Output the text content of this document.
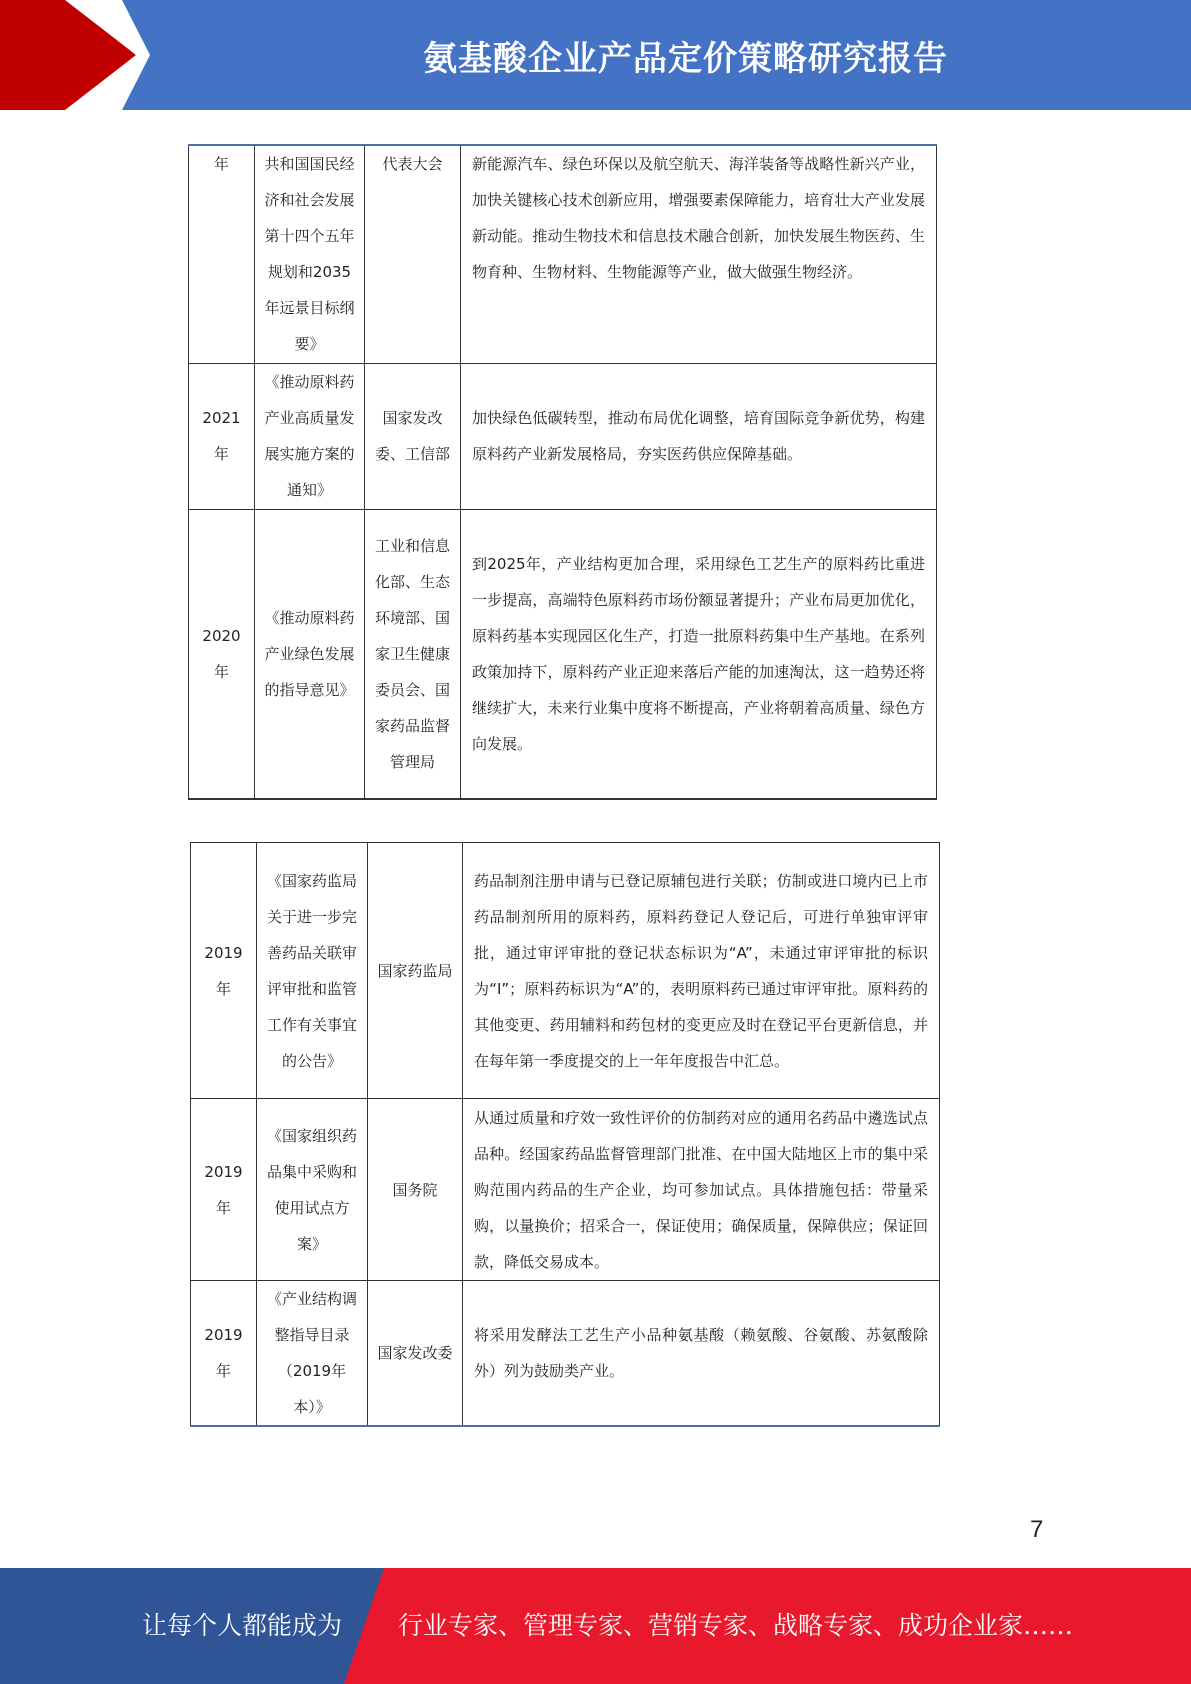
氨基酸企业产品定价策略研究报告
年	共和国国民经济和社会发展第十四个五年规划和2035年远景目标纲要》	代表大会	新能源汽车、绿色环保以及航空航天、海洋装备等战略性新兴产业，加快关键核心技术创新应用，增强要素保障能力，培育壮大产业发展新动能。推动生物技术和信息技术融合创新，加快发展生物医药、生物育种、生物材料、生物能源等产业，做大做强生物经济。
2021年	《推动原料药产业高质量发展实施方案的通知》	国家发改委、工信部	加快绿色低碳转型，推动布局优化调整，培育国际竞争新优势，构建原料药产业新发展格局，夯实医药供应保障基础。
2020年	《推动原料药产业绿色发展的指导意见》	工业和信息化部、生态环境部、国家卫生健康委员会、国家药品监督管理局	到2025年，产业结构更加合理，采用绿色工艺生产的原料药比重进一步提高，高端特色原料药市场份额显著提升；产业布局更加优化，原料药基本实现园区化生产，打造一批原料药集中生产基地。在系列政策加持下，原料药产业正迎来落后产能的加速淘汰，这一趋势还将继续扩大，未来行业集中度将不断提高，产业将朝着高质量、绿色方向发展。
2019年	《国家药监局关于进一步完善药品关联审评审批和监管工作有关事宜的公告》	国家药监局	药品制剂注册申请与已登记原辅包进行关联；仿制或进口境内已上市药品制剂所用的原料药，原料药登记人登记后，可进行单独审评审批，通过审评审批的登记状态标识为“A”，未通过审评审批的标识为“I”；原料药标识为“A”的，表明原料药已通过审评审批。原料药的其他变更、药用辅料和药包材的变更应及时在登记平台更新信息，并在每年第一季度提交的上一年年度报告中汇总。
2019年	《国家组织药品集中采购和使用试点方案》	国务院	从通过质量和疗效一致性评价的仿制药对应的通用名药品中遴选试点品种。经国家药品监督管理部门批准、在中国大陆地区上市的集中采购范围内药品的生产企业，均可参加试点。具体措施包括：带量采购，以量换价；招采合一，保证使用；确保质量，保障供应；保证回款，降低交易成本。
2019年	《产业结构调整指导目录（2019年本）》	国家发改委	将采用发酵法工艺生产小品种氨基酸（赖氨酸、谷氨酸、苏氨酸除外）列为鼓励类产业。
7
让每个人都能成为 行业专家、管理专家、营销专家、战略专家、成功企业家……
